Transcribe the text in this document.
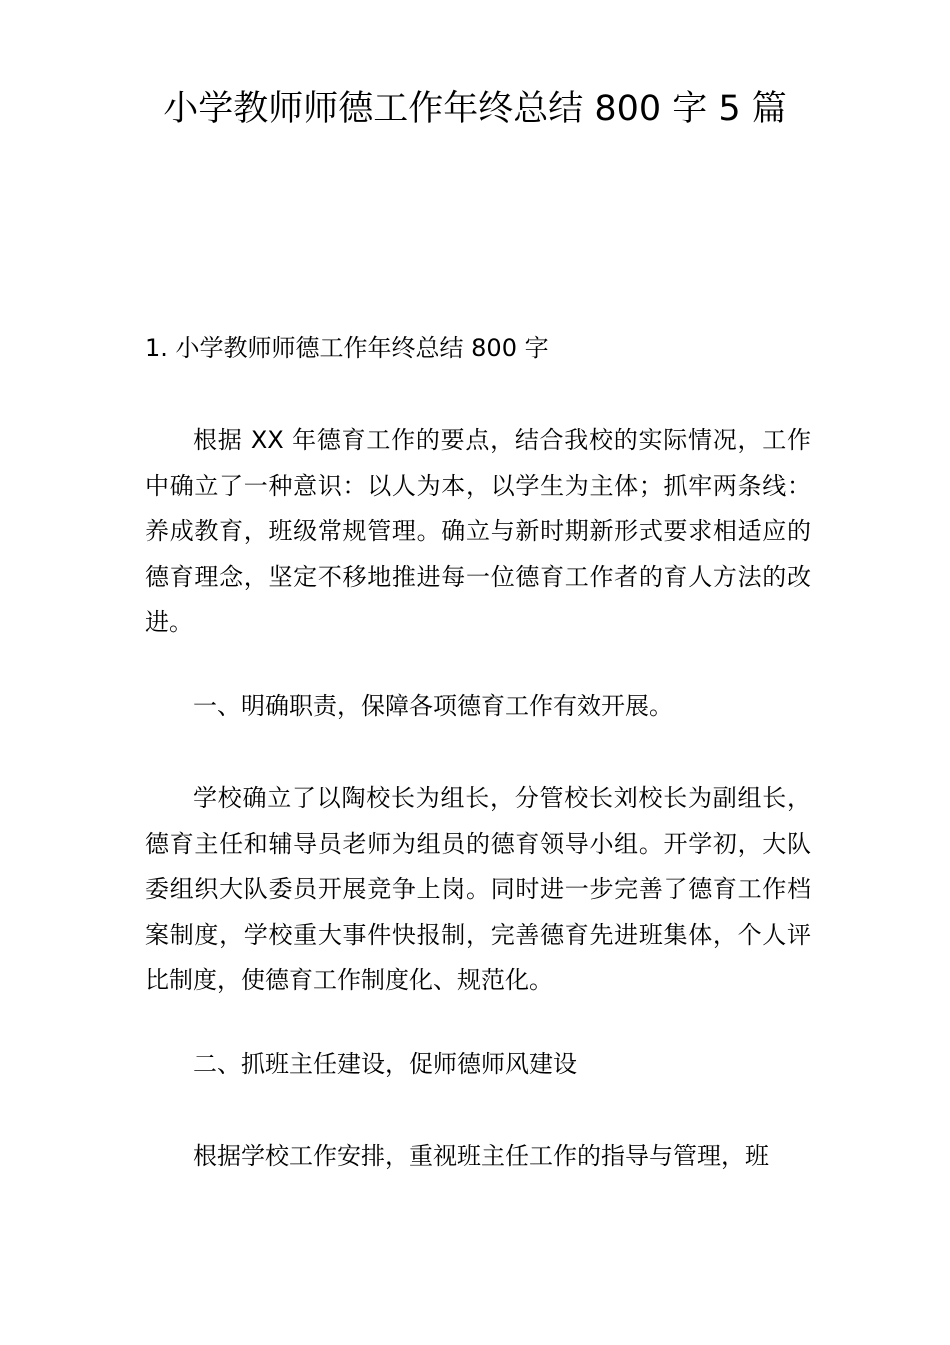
小学教师师德工作年终总结 800 字 5 篇

1. 小学教师师德工作年终总结 800 字

根据 XX 年德育工作的要点，结合我校的实际情况，工作中确立了一种意识：以人为本，以学生为主体；抓牢两条线：养成教育，班级常规管理。确立与新时期新形式要求相适应的德育理念，坚定不移地推进每一位德育工作者的育人方法的改进。

一、明确职责，保障各项德育工作有效开展。

学校确立了以陶校长为组长，分管校长刘校长为副组长，德育主任和辅导员老师为组员的德育领导小组。开学初，大队委组织大队委员开展竞争上岗。同时进一步完善了德育工作档案制度，学校重大事件快报制，完善德育先进班集体，个人评比制度，使德育工作制度化、规范化。

二、抓班主任建设，促师德师风建设

根据学校工作安排，重视班主任工作的指导与管理，班
